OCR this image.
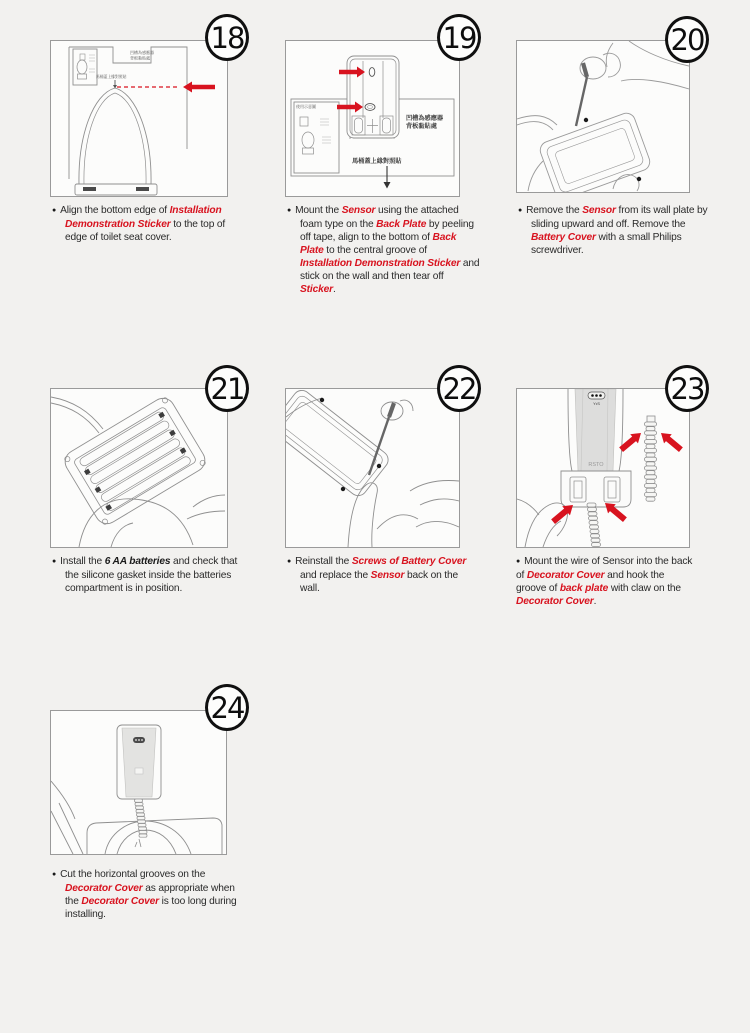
18
凹槽為感應器
背板黏貼處
馬桶蓋上緣對照貼

● Align the bottom edge of Installation Demonstration Sticker to the top of edge of toilet seat cover.

19
使用示意圖
凹槽為感應器
背板黏貼處
馬桶蓋上緣對照貼

● Mount the Sensor using the attached foam type on the Back Plate by peeling off tape, align to the bottom of Back Plate to the central groove of Installation Demonstration Sticker and stick on the wall and then tear off Sticker.

20

● Remove the Sensor from its wall plate by sliding upward and off. Remove the Battery Cover with a small Philips screwdriver.

21

● Install the 6 AA batteries and check that the silicone gasket inside the batteries compartment is in position.

22

● Reinstall the Screws of Battery Cover and replace the Sensor back on the wall.

23
Y•S
RSTO

● Mount the wire of Sensor into the back of Decorator Cover and hook the groove of back plate with claw on the Decorator Cover.

24

● Cut the horizontal grooves on the Decorator Cover as appropriate when the Decorator Cover is too long during installing.
